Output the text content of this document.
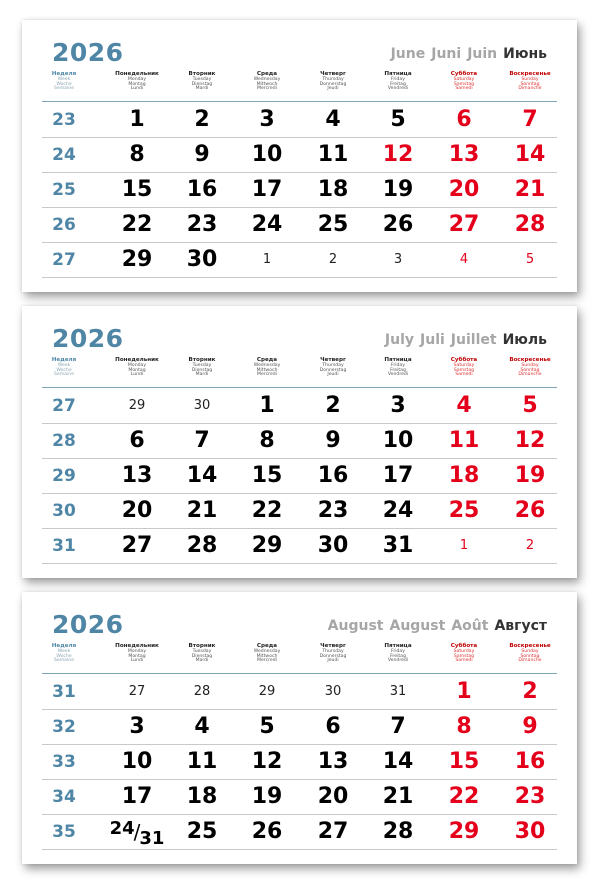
2026	June Juni Juin Июнь
Неделя
Week
Woche
Semaine
Понедельник
Monday
Montag
Lundi
Вторник
Tuesday
Dienstag
Mardi
Среда
Wednesday
Mittwoch
Mercredi
Четверг
Thursday
Donnerstag
Jeudi
Пятница
Friday
Freitag
Vendredi
Суббота
Saturday
Samstag
Samedi
Воскресенье
Sunday
Sonntag
Dimanche
23	1	2	3	4	5	6	7
24	8	9	10	11	12	13	14
25	15	16	17	18	19	20	21
26	22	23	24	25	26	27	28
27	29	30	1	2	3	4	5
2026	July Juli Juillet Июль
Неделя
Week
Woche
Semaine
Понедельник
Monday
Montag
Lundi
Вторник
Tuesday
Dienstag
Mardi
Среда
Wednesday
Mittwoch
Mercredi
Четверг
Thursday
Donnerstag
Jeudi
Пятница
Friday
Freitag
Vendredi
Суббота
Saturday
Samstag
Samedi
Воскресенье
Sunday
Sonntag
Dimanche
27	29	30	1	2	3	4	5
28	6	7	8	9	10	11	12
29	13	14	15	16	17	18	19
30	20	21	22	23	24	25	26
31	27	28	29	30	31	1	2
2026	August August Août Август
Неделя
Week
Woche
Semaine
Понедельник
Monday
Montag
Lundi
Вторник
Tuesday
Dienstag
Mardi
Среда
Wednesday
Mittwoch
Mercredi
Четверг
Thursday
Donnerstag
Jeudi
Пятница
Friday
Freitag
Vendredi
Суббота
Saturday
Samstag
Samedi
Воскресенье
Sunday
Sonntag
Dimanche
31	27	28	29	30	31	1	2
32	3	4	5	6	7	8	9
33	10	11	12	13	14	15	16
34	17	18	19	20	21	22	23
35	24/31	25	26	27	28	29	30
